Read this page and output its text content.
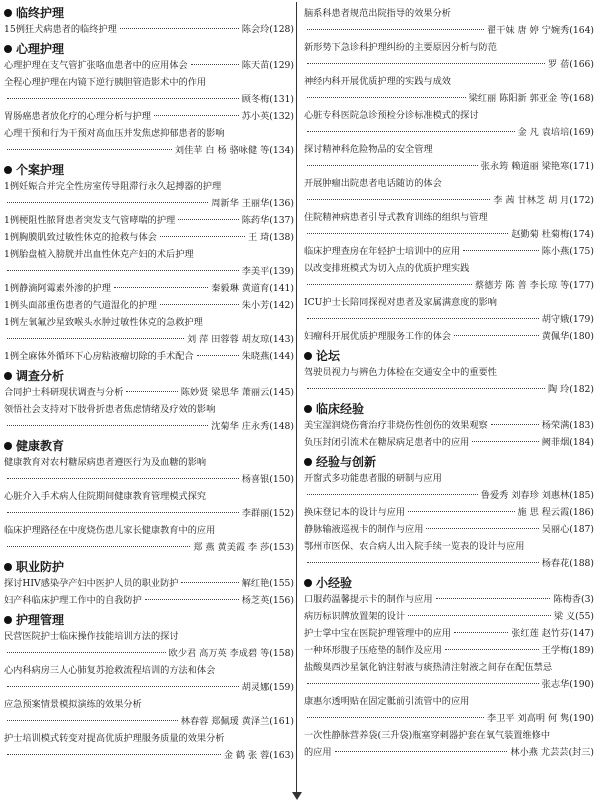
临终护理
15例狂犬病患者的临终护理	陈会玲(128)
心理护理
心理护理在支气管扩张咯血患者中的应用体会	陈天苗(129)
全程心理护理在内镜下逆行胰胆管造影术中的作用
顾冬梅(131)
胃肠癌患者放化疗的心理分析与护理	苏小英(132)
心理干预和行为干预对高血压并发焦虑抑郁患者的影响
刘佳苹 白 杨 骆咏健 等(134)
个案护理
1例妊娠合并完全性房室传导阻滞行永久起搏器的护理
周新华 王丽华(136)
1例梗阻性脓肾患者突发支气管哮喘的护理	陈药华(137)
1例胸膜肌致过敏性休克的抢救与体会	王 琦(138)
1例胎盘植入膀胱并出血性休克产妇的术后护理
李美平(139)
1例静滴阿霉素外渗的护理	秦毅琳 黄道育(141)
1例头面部重伤患者的气道湿化的护理	朱小芳(142)
1例左氧氟沙星致喉头水肿过敏性休克的急救护理
刘 萍 田蓉蓉 胡友琼(143)
1例全麻体外循环下心房粘液瘤切除的手术配合	朱晓燕(144)
调查分析
合同护士科研现状调查与分析	陈妙贤 梁思华 萧丽云(145)
领悟社会支持对下肢骨折患者焦虑情绪及疗效的影响
沈菊华 庄永秀(148)
健康教育
健康教育对农村糖尿病患者遵医行为及血糖的影响
杨喜银(150)
心脏介入手术病人住院期间健康教育管理模式探究
李群丽(152)
临床护理路径在中度烧伤患儿家长健康教育中的应用
郑 燕 黄美霞 李 莎(153)
职业防护
探讨HIV感染孕产妇中医护人员的职业防护	解红艳(155)
妇产科临床护理工作中的自我防护	杨芝英(156)
护理管理
民营医院护士临床操作技能培训方法的探讨
欧少君 高万英 李成碧 等(158)
心内科病房三人心肺复苏抢救流程培训的方法和体会
胡灵娜(159)
应急预案情景模拟演练的效果分析
林春蓉 郑佩瑷 黄泽兰(161)
护士培训模式转变对提高优质护理服务质量的效果分析
金 鹤 张 蓉(163)
脑系科患者规范出院指导的效果分析
翟干妹 唐 婷 宁婉秀(164)
新形势下急诊科护理纠纷的主要原因分析与防范
罗 蓓(166)
神经内科开展优质护理的实践与成效
梁红丽 陈阳新 郭亚金 等(168)
心脏专科医院急诊预检分诊标准模式的探讨
金 凡 袁培培(169)
探讨精神科危险物品的安全管理
张永筠 赖道丽 梁艳寒(171)
开展肿瘤出院患者电话随访的体会
李 茜 甘林芝 胡 月(172)
住院精神病患者引导式教育训练的组织与管理
赵勤菊 杜菊梅(174)
临床护理查房在年轻护士培训中的应用	陈小燕(175)
以改变排班模式为切入点的优质护理实践
蔡德芳 陈 普 李长琼 等(177)
ICU护士长陪同探视对患者及家属满意度的影响
胡守娥(179)
妇瘤科开展优质护理服务工作的体会	黄佩华(180)
论坛
驾驶员视力与辨色力体检在交通安全中的重要性
陶 玲(182)
临床经验
美宝湿润烧伤膏治疗非烧伤性创伤的效果观察	杨荣满(183)
负压封闭引流术在糖尿病足患者中的应用	阙菲烟(184)
经验与创新
开窗式多功能患者服的研制与应用
鲁爱秀 刘春珍 刘惠林(185)
换床登记本的设计与应用	施 思 程云霞(186)
静脉输液巡视卡的制作与应用	吴丽心(187)
鄂州市医保、农合病人出入院手续一览表的设计与应用
杨春花(188)
小经验
口服药温馨提示卡的制作与应用	陈梅香(3)
病历标识牌放置架的设计	梁 义(55)
护士掌中宝在医院护理管理中的应用	张红莲 赵竹芬(147)
一种环形腹子压疮垫的制作及应用	王学梅(189)
盐酸臭西沙星氯化钠注射液与痰热清注射液之间存在配伍禁忌
张志华(190)
康惠尔透明贴在固定骶前引流管中的应用
李卫平 刘高明 何 隽(190)
一次性静脉营养袋(三升袋)瓶塞穿刺器护套在氧气装置维修中
的应用	林小燕 尤芸芸(封三)
